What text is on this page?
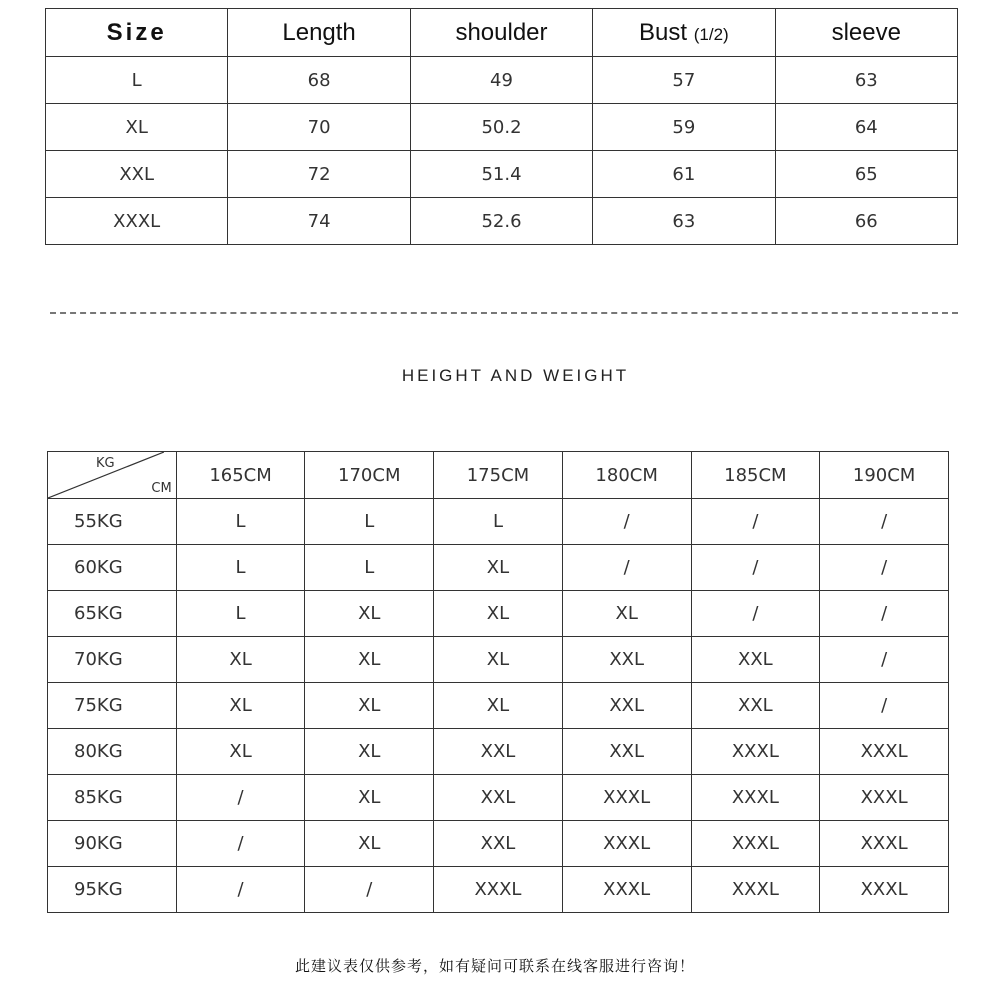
Size	Length	shoulder	Bust (1/2)	sleeve
L	68	49	57	63
XL	70	50.2	59	64
XXL	72	51.4	61	65
XXXL	74	52.6	63	66
HEIGHT AND WEIGHT
KG
CM	165CM	170CM	175CM	180CM	185CM	190CM
55KG	L	L	L	/	/	/
60KG	L	L	XL	/	/	/
65KG	L	XL	XL	XL	/	/
70KG	XL	XL	XL	XXL	XXL	/
75KG	XL	XL	XL	XXL	XXL	/
80KG	XL	XL	XXL	XXL	XXXL	XXXL
85KG	/	XL	XXL	XXXL	XXXL	XXXL
90KG	/	XL	XXL	XXXL	XXXL	XXXL
95KG	/	/	XXXL	XXXL	XXXL	XXXL
此建议表仅供参考，如有疑问可联系在线客服进行咨询！
